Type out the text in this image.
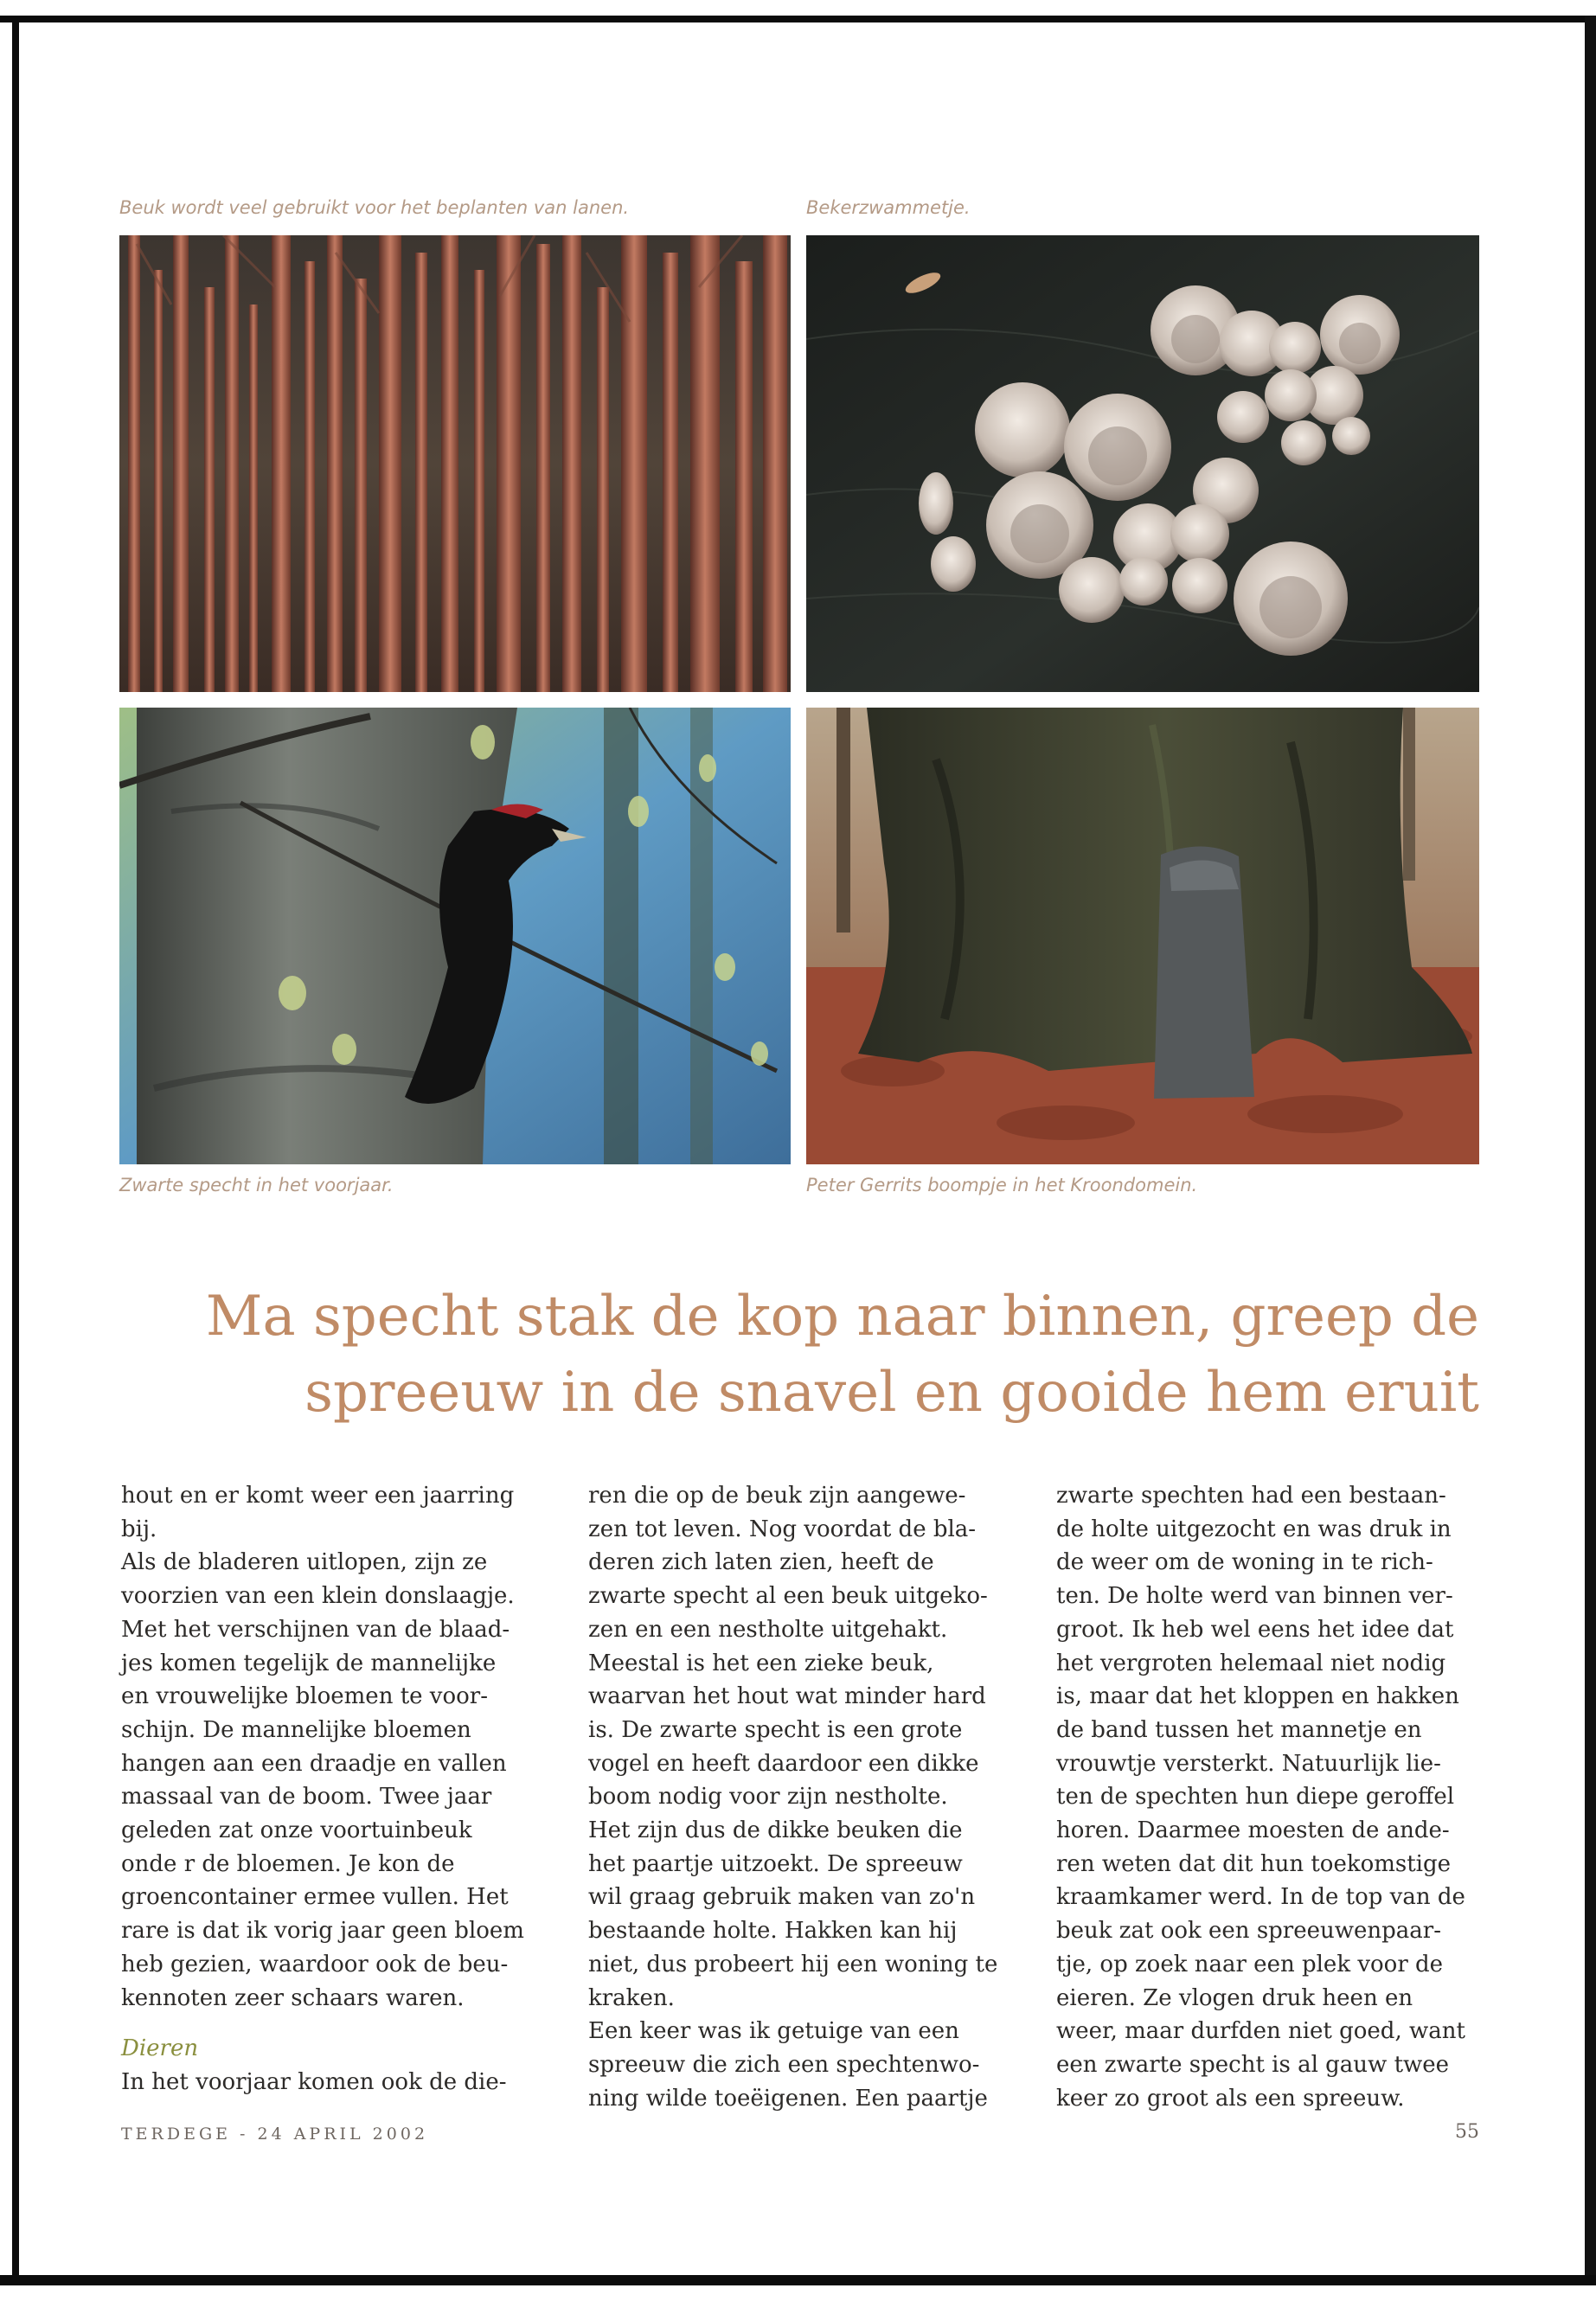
Beuk wordt veel gebruikt voor het beplanten van lanen.	Bekerzwammetje.
Zwarte specht in het voorjaar.	Peter Gerrits boompje in het Kroondomein.
Ma specht stak de kop naar binnen, greep de
spreeuw in de snavel en gooide hem eruit
hout en er komt weer een jaarring
bij.
Als de bladeren uitlopen, zijn ze
voorzien van een klein donslaagje.
Met het verschijnen van de blaad-
jes komen tegelijk de mannelijke
en vrouwelijke bloemen te voor-
schijn. De mannelijke bloemen
hangen aan een draadje en vallen
massaal van de boom. Twee jaar
geleden zat onze voortuinbeuk
onde r de bloemen. Je kon de
groencontainer ermee vullen. Het
rare is dat ik vorig jaar geen bloem
heb gezien, waardoor ook de beu-
kennoten zeer schaars waren.
Dieren
In het voorjaar komen ook de die-
ren die op de beuk zijn aangewe-
zen tot leven. Nog voordat de bla-
deren zich laten zien, heeft de
zwarte specht al een beuk uitgeko-
zen en een nestholte uitgehakt.
Meestal is het een zieke beuk,
waarvan het hout wat minder hard
is. De zwarte specht is een grote
vogel en heeft daardoor een dikke
boom nodig voor zijn nestholte.
Het zijn dus de dikke beuken die
het paartje uitzoekt. De spreeuw
wil graag gebruik maken van zo'n
bestaande holte. Hakken kan hij
niet, dus probeert hij een woning te
kraken.
Een keer was ik getuige van een
spreeuw die zich een spechtenwo-
ning wilde toeëigenen. Een paartje
zwarte spechten had een bestaan-
de holte uitgezocht en was druk in
de weer om de woning in te rich-
ten. De holte werd van binnen ver-
groot. Ik heb wel eens het idee dat
het vergroten helemaal niet nodig
is, maar dat het kloppen en hakken
de band tussen het mannetje en
vrouwtje versterkt. Natuurlijk lie-
ten de spechten hun diepe geroffel
horen. Daarmee moesten de ande-
ren weten dat dit hun toekomstige
kraamkamer werd. In de top van de
beuk zat ook een spreeuwenpaar-
tje, op zoek naar een plek voor de
eieren. Ze vlogen druk heen en
weer, maar durfden niet goed, want
een zwarte specht is al gauw twee
keer zo groot als een spreeuw.
TERDEGE - 24 APRIL 2002	55
